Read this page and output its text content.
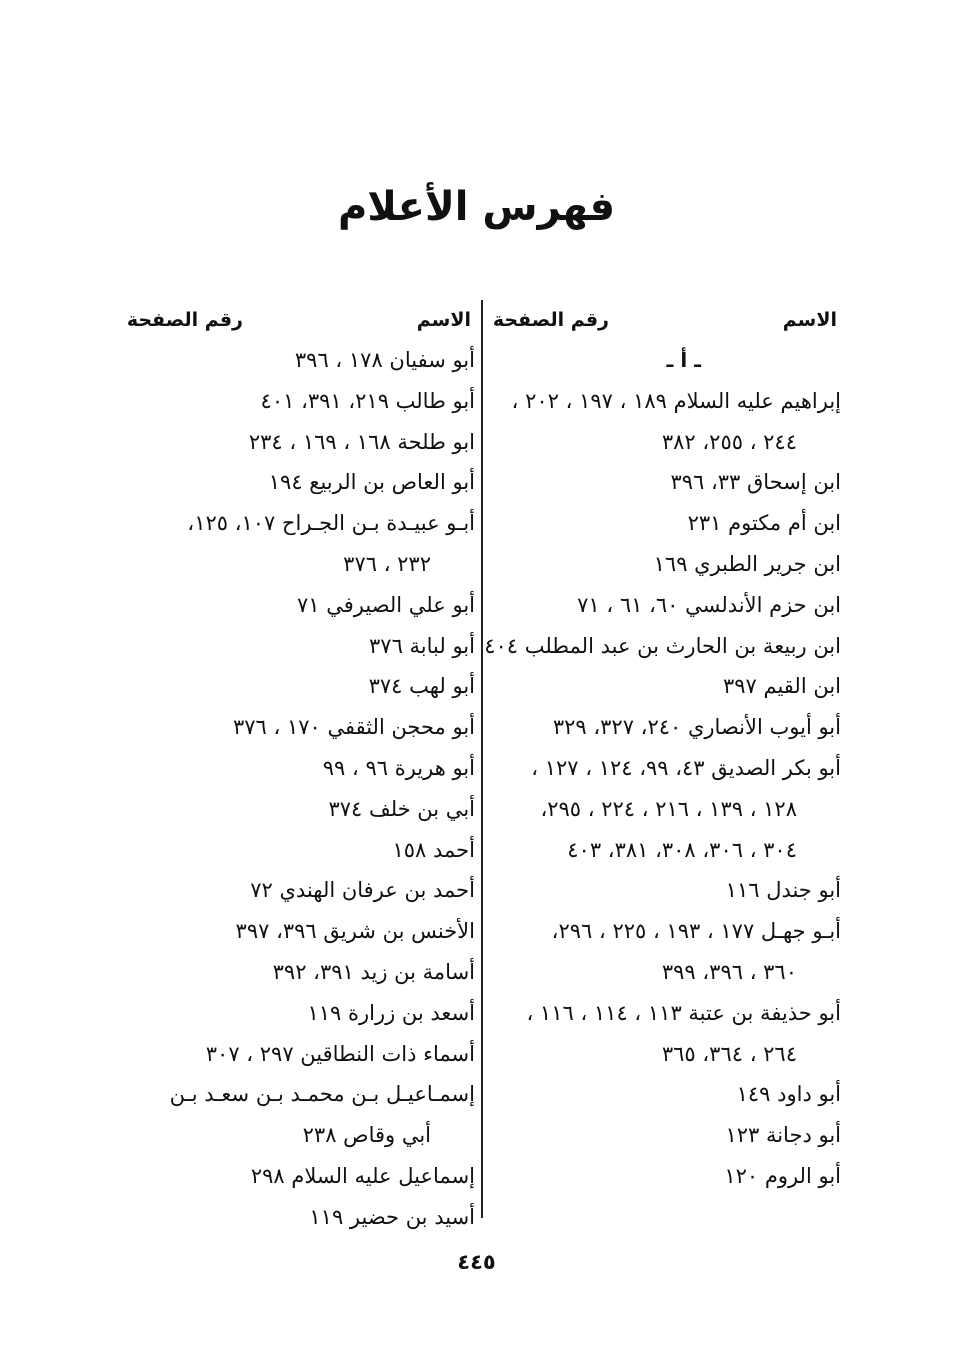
فهرس الأعلام
الاسم
رقم الصفحة
ـ أ ـ
إبراهيم عليه السلام ١٨٩ ، ١٩٧ ، ٢٠٢ ،
٢٤٤ ، ٢٥٥، ٣٨٢
ابن إسحاق ٣٣، ٣٩٦
ابن أم مكتوم ٢٣١
ابن جرير الطبري ١٦٩
ابن حزم الأندلسي ٦٠، ٦١ ، ٧١
ابن ربيعة بن الحارث بن عبد المطلب ٤٠٤
ابن القيم ٣٩٧
أبو أيوب الأنصاري ٢٤٠، ٣٢٧، ٣٢٩
أبو بكر الصديق ٤٣، ٩٩، ١٢٤ ، ١٢٧ ،
١٢٨ ، ١٣٩ ، ٢١٦ ، ٢٢٤ ، ٢٩٥،
٣٠٤ ، ٣٠٦، ٣٠٨، ٣٨١، ٤٠٣
أبو جندل ١١٦
أبـو جهـل ١٧٧ ، ١٩٣ ، ٢٢٥ ، ٢٩٦،
٣٦٠ ، ٣٩٦، ٣٩٩
أبو حذيفة بن عتبة ١١٣ ، ١١٤ ، ١١٦ ،
٢٦٤ ، ٣٦٤، ٣٦٥
أبو داود ١٤٩
أبو دجانة ١٢٣
أبو الروم ١٢٠
الاسم
رقم الصفحة
أبو سفيان ١٧٨ ، ٣٩٦
أبو طالب ٢١٩، ٣٩١، ٤٠١
ابو طلحة ١٦٨ ، ١٦٩ ، ٢٣٤
أبو العاص بن الربيع ١٩٤
أبـو عبيـدة بـن الجـراح ١٠٧، ١٢٥،
٢٣٢ ، ٣٧٦
أبو علي الصيرفي ٧١
أبو لبابة ٣٧٦
أبو لهب ٣٧٤
أبو محجن الثقفي ١٧٠ ، ٣٧٦
أبو هريرة ٩٦ ، ٩٩
أبي بن خلف ٣٧٤
أحمد ١٥٨
أحمد بن عرفان الهندي ٧٢
الأخنس بن شريق ٣٩٦، ٣٩٧
أسامة بن زيد ٣٩١، ٣٩٢
أسعد بن زرارة ١١٩
أسماء ذات النطاقين ٢٩٧ ، ٣٠٧
إسمـاعيـل بـن محمـد بـن سعـد بـن
أبي وقاص ٢٣٨
إسماعيل عليه السلام ٢٩٨
أسيد بن حضير ١١٩
٤٤٥
